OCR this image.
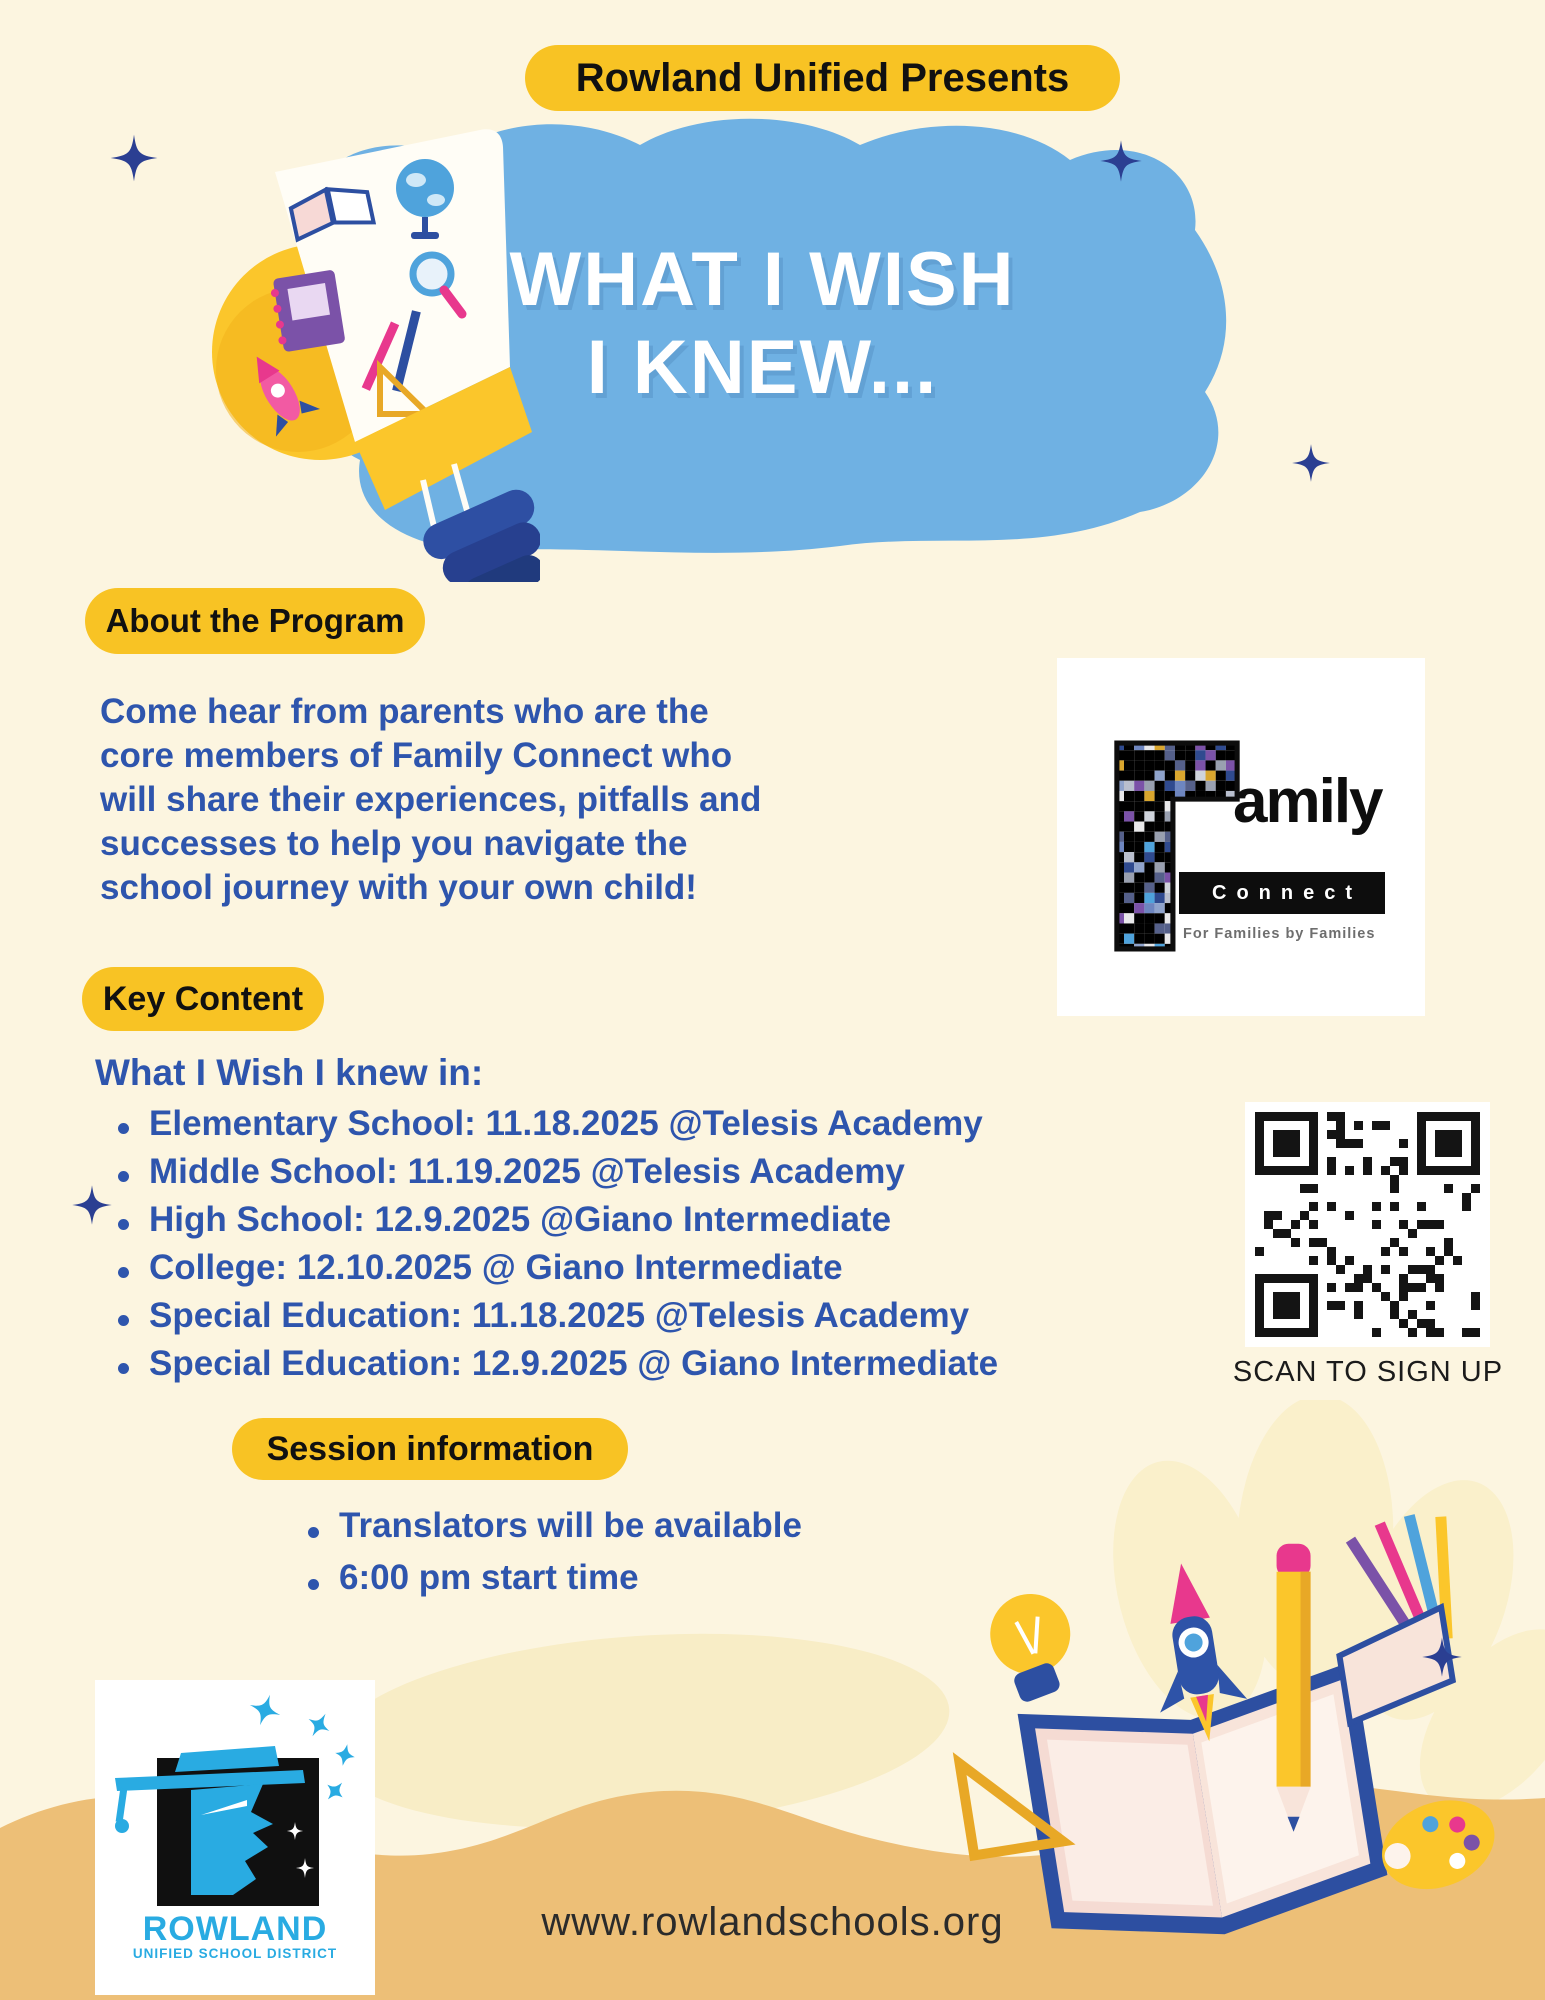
WHAT I WISH
I KNEW...
Rowland Unified Presents
About the Program
Come hear from parents who are the
core members of Family Connect who
will share their experiences, pitfalls and
successes to help you navigate the
school journey with your own child!
amily
Connect
For Families by Families
Key Content
What I Wish I knew in:
Elementary School: 11.18.2025 @Telesis Academy
Middle School: 11.19.2025 @Telesis Academy
High School: 12.9.2025 @Giano Intermediate
College: 12.10.2025 @ Giano Intermediate
Special Education: 11.18.2025 @Telesis Academy
Special Education: 12.9.2025 @ Giano Intermediate	SCAN TO SIGN UP
Session information
Translators will be available
6:00 pm start time
ROWLAND
UNIFIED SCHOOL DISTRICT
www.rowlandschools.org
